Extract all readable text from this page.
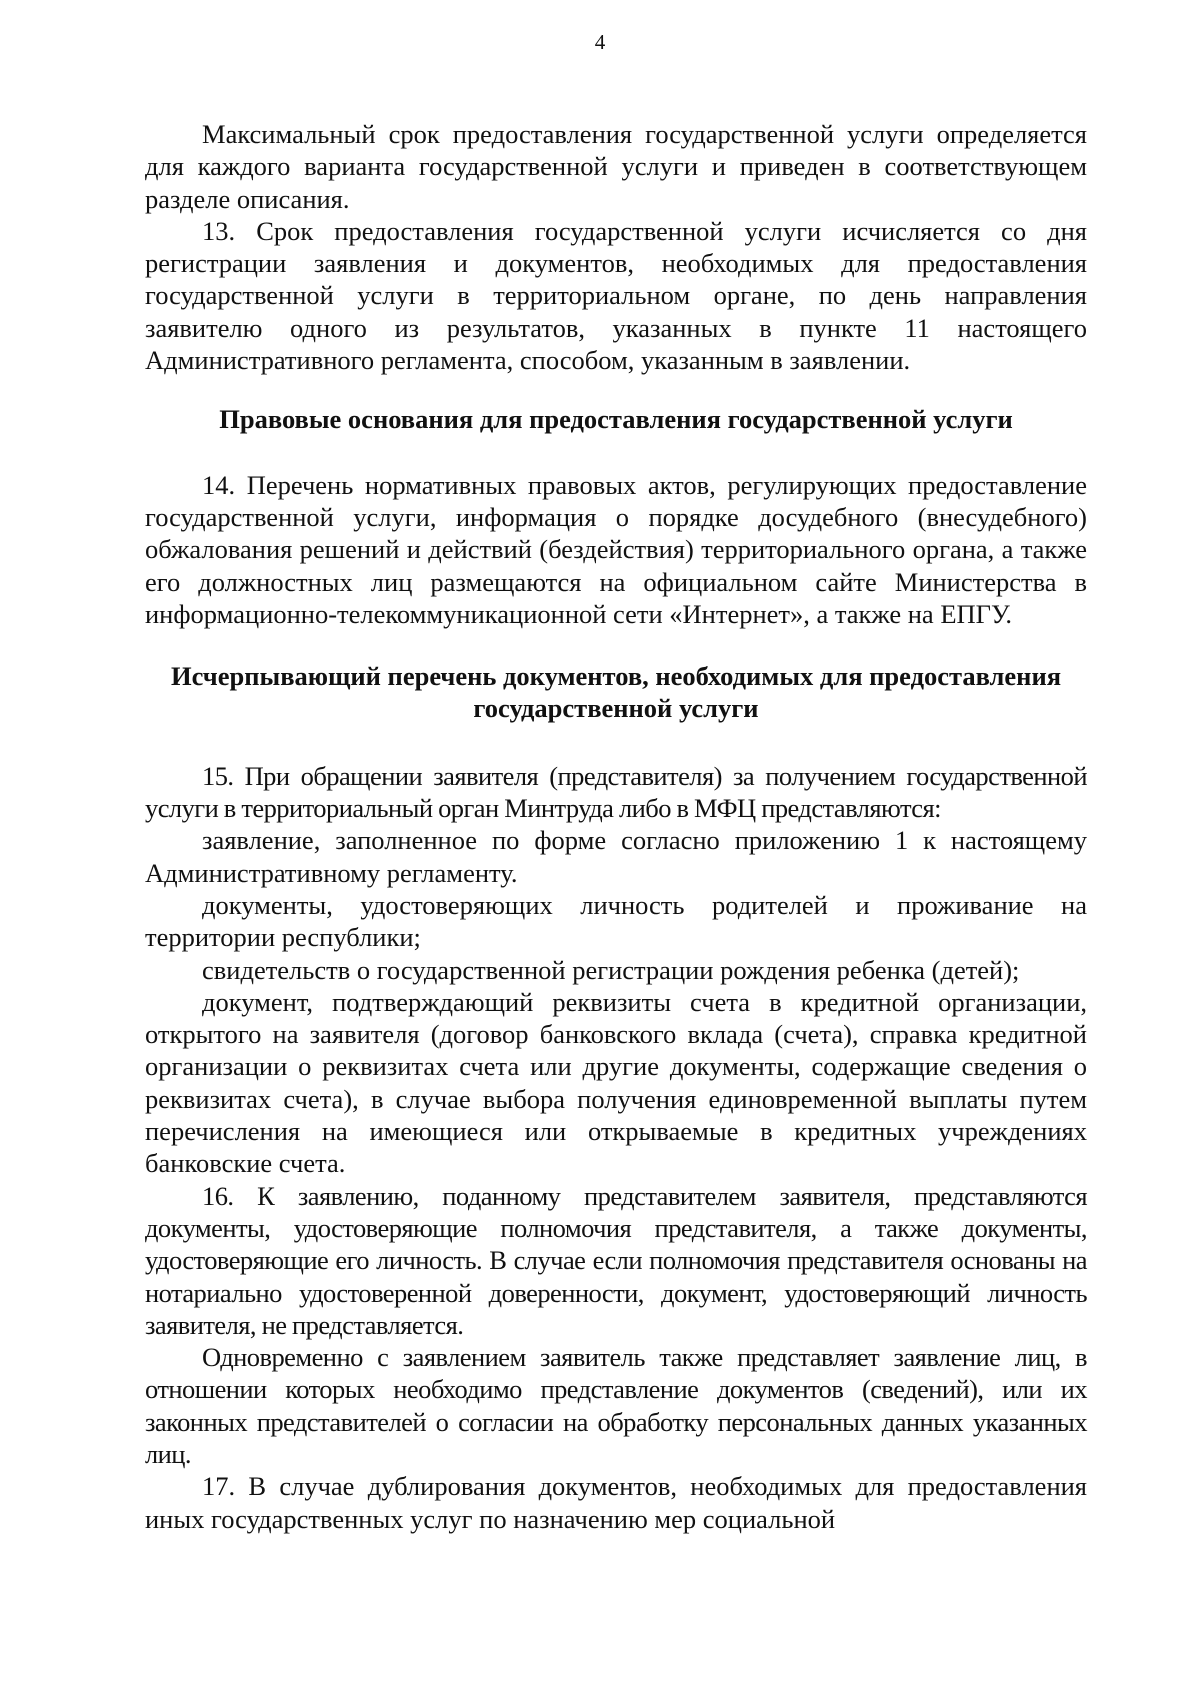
4

Максимальный срок предоставления государственной услуги определяется для каждого варианта государственной услуги и приведен в соответствующем разделе описания.

13. Срок предоставления государственной услуги исчисляется со дня регистрации заявления и документов, необходимых для предоставления государственной услуги в территориальном органе, по день направления заявителю одного из результатов, указанных в пункте 11 настоящего Административного регламента, способом, указанным в заявлении.

Правовые основания для предоставления государственной услуги

14. Перечень нормативных правовых актов, регулирующих предоставление государственной услуги, информация о порядке досудебного (внесудебного) обжалования решений и действий (бездействия) территориального органа, а также его должностных лиц размещаются на официальном сайте Министерства в информационно-телекоммуникационной сети «Интернет», а также на ЕПГУ.

Исчерпывающий перечень документов, необходимых для предоставления государственной услуги

15. При обращении заявителя (представителя) за получением государственной услуги в территориальный орган Минтруда либо в МФЦ представляются:

заявление, заполненное по форме согласно приложению 1 к настоящему Административному регламенту.

документы, удостоверяющих личность родителей и проживание на территории республики;

свидетельств о государственной регистрации рождения ребенка (детей);

документ, подтверждающий реквизиты счета в кредитной организации, открытого на заявителя (договор банковского вклада (счета), справка кредитной организации о реквизитах счета или другие документы, содержащие сведения о реквизитах счета), в случае выбора получения единовременной выплаты путем перечисления на имеющиеся или открываемые в кредитных учреждениях банковские счета.

16. К заявлению, поданному представителем заявителя, представляются документы, удостоверяющие полномочия представителя, а также документы, удостоверяющие его личность. В случае если полномочия представителя основаны на нотариально удостоверенной доверенности, документ, удостоверяющий личность заявителя, не представляется.

Одновременно с заявлением заявитель также представляет заявление лиц, в отношении которых необходимо представление документов (сведений), или их законных представителей о согласии на обработку персональных данных указанных лиц.

17. В случае дублирования документов, необходимых для предоставления иных государственных услуг по назначению мер социальной
